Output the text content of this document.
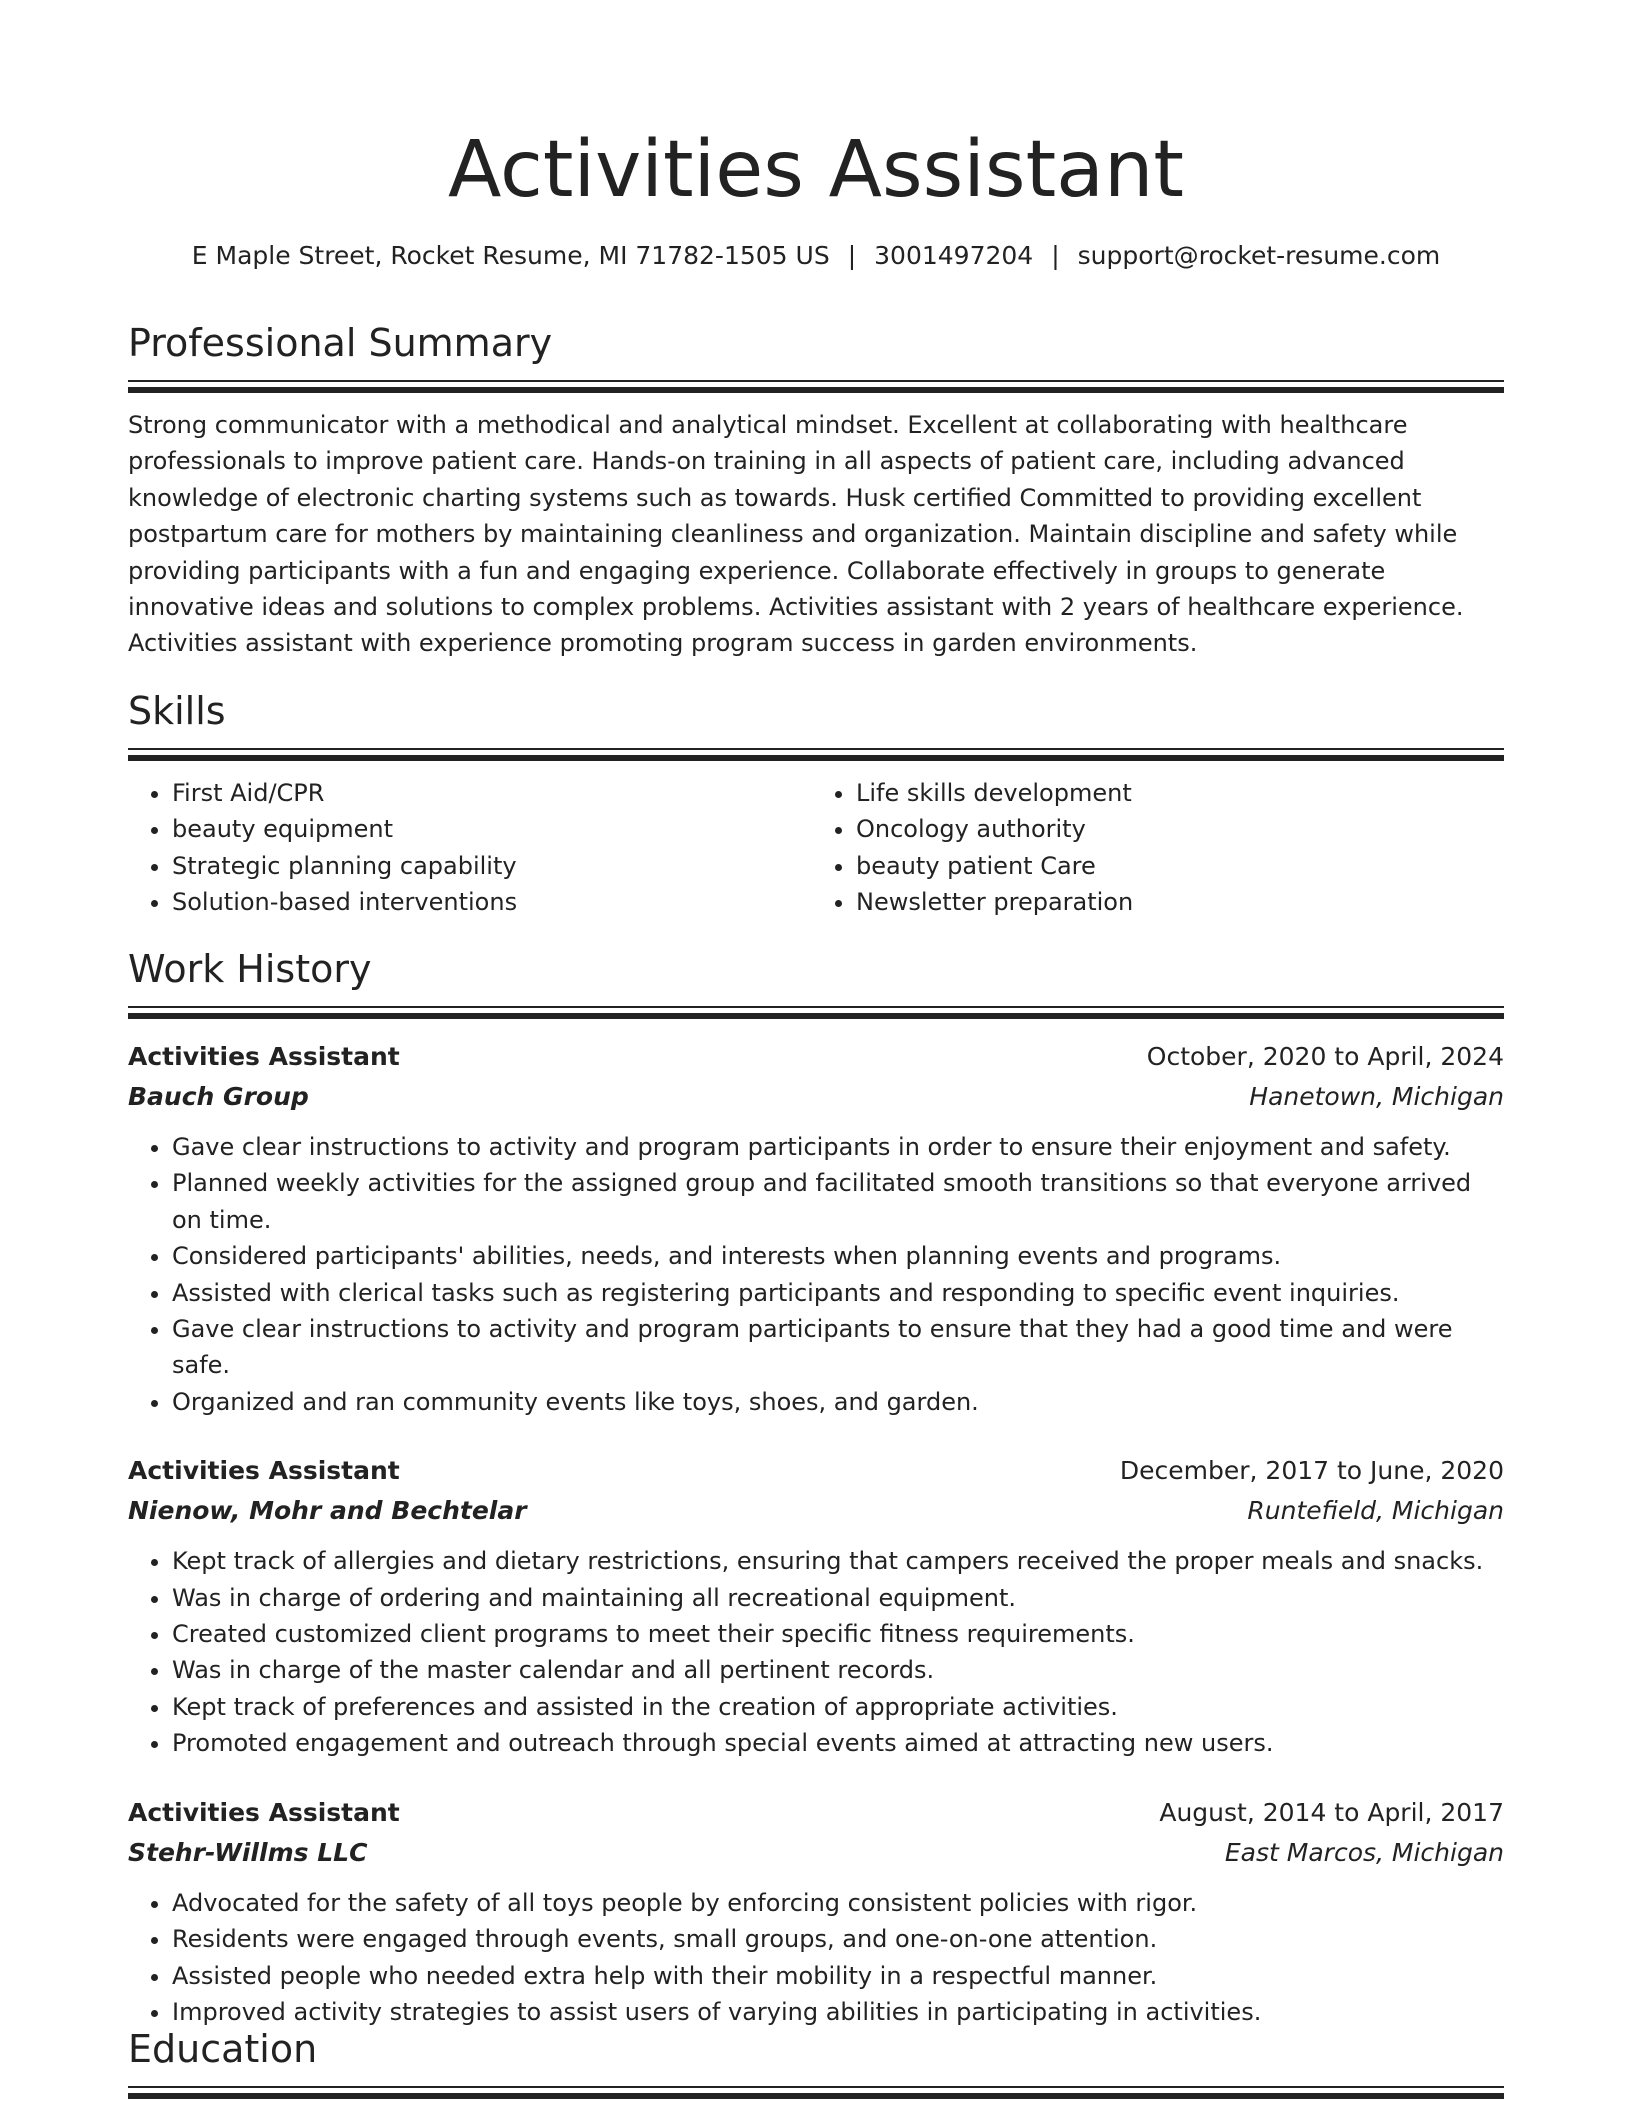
Activities Assistant
E Maple Street, Rocket Resume, MI 71782-1505 US | 3001497204 | support@rocket-resume.com
Professional Summary

Strong communicator with a methodical and analytical mindset. Excellent at collaborating with healthcare professionals to improve patient care. Hands-on training in all aspects of patient care, including advanced knowledge of electronic charting systems such as towards. Husk certified Committed to providing excellent postpartum care for mothers by maintaining cleanliness and organization. Maintain discipline and safety while providing participants with a fun and engaging experience. Collaborate effectively in groups to generate innovative ideas and solutions to complex problems. Activities assistant with 2 years of healthcare experience. Activities assistant with experience promoting program success in garden environments.

Skills
• First Aid/CPR
• beauty equipment
• Strategic planning capability
• Solution-based interventions
• Life skills development
• Oncology authority
• beauty patient Care
• Newsletter preparation
Work History
Activities Assistant	October, 2020 to April, 2024
Bauch Group	Hanetown, Michigan
• Gave clear instructions to activity and program participants in order to ensure their enjoyment and safety.
• Planned weekly activities for the assigned group and facilitated smooth transitions so that everyone arrived on time.
• Considered participants' abilities, needs, and interests when planning events and programs.
• Assisted with clerical tasks such as registering participants and responding to specific event inquiries.
• Gave clear instructions to activity and program participants to ensure that they had a good time and were safe.
• Organized and ran community events like toys, shoes, and garden.
Activities Assistant	December, 2017 to June, 2020
Nienow, Mohr and Bechtelar	Runtefield, Michigan
• Kept track of allergies and dietary restrictions, ensuring that campers received the proper meals and snacks.
• Was in charge of ordering and maintaining all recreational equipment.
• Created customized client programs to meet their specific fitness requirements.
• Was in charge of the master calendar and all pertinent records.
• Kept track of preferences and assisted in the creation of appropriate activities.
• Promoted engagement and outreach through special events aimed at attracting new users.
Activities Assistant	August, 2014 to April, 2017
Stehr-Willms LLC	East Marcos, Michigan
• Advocated for the safety of all toys people by enforcing consistent policies with rigor.
• Residents were engaged through events, small groups, and one-on-one attention.
• Assisted people who needed extra help with their mobility in a respectful manner.
• Improved activity strategies to assist users of varying abilities in participating in activities.
Education
